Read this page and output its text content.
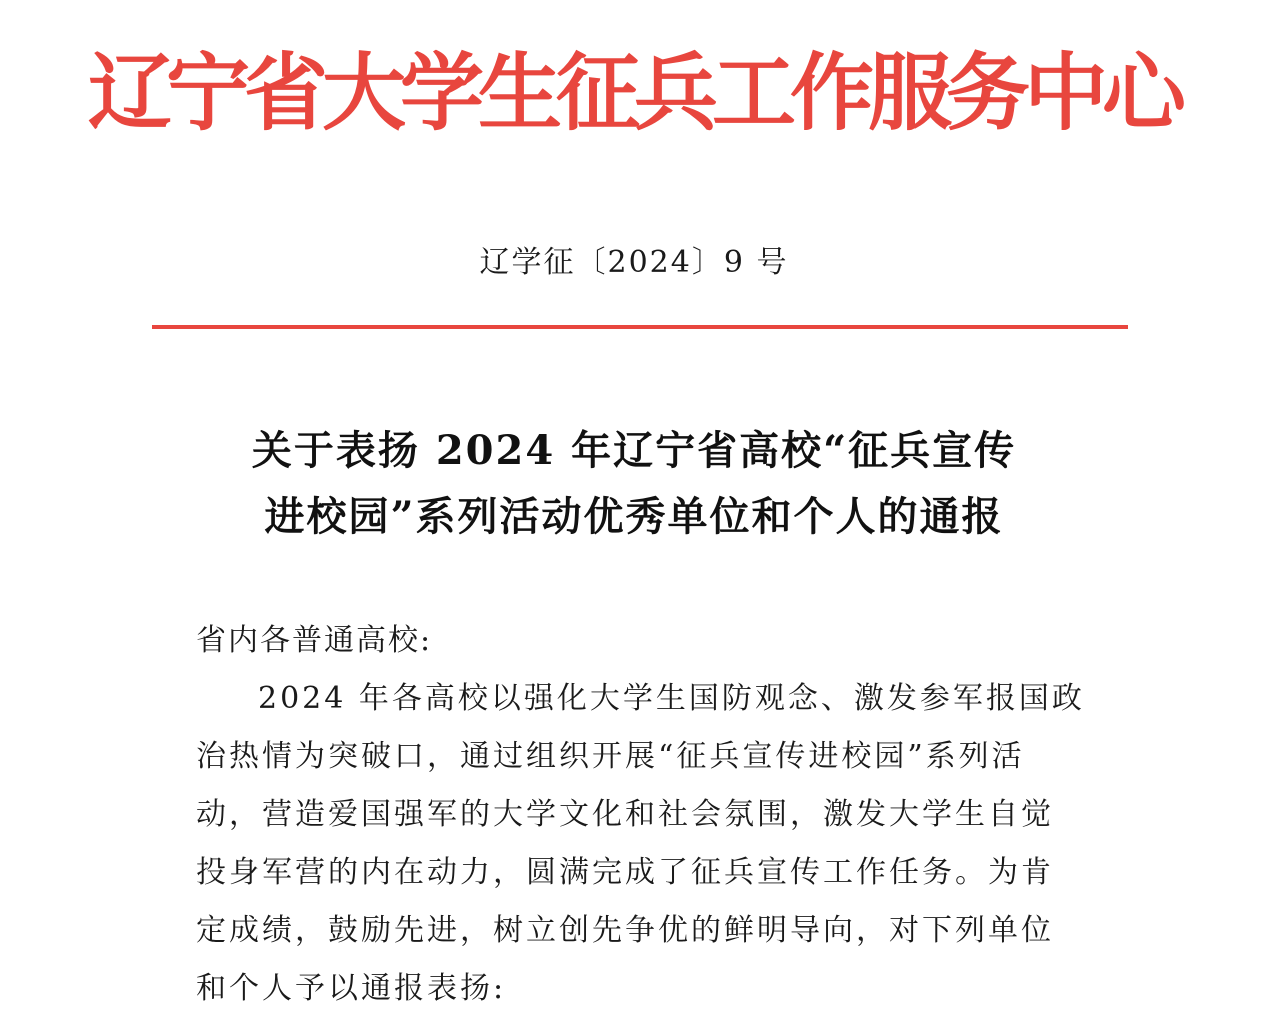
辽宁省大学生征兵工作服务中心
辽学征〔2024〕9 号
关于表扬 2024 年辽宁省高校“征兵宣传
进校园”系列活动优秀单位和个人的通报
省内各普通高校:
2024 年各高校以强化大学生国防观念、激发参军报国政
治热情为突破口，通过组织开展“征兵宣传进校园”系列活
动，营造爱国强军的大学文化和社会氛围，激发大学生自觉
投身军营的内在动力，圆满完成了征兵宣传工作任务。为肯
定成绩，鼓励先进，树立创先争优的鲜明导向，对下列单位
和个人予以通报表扬:
